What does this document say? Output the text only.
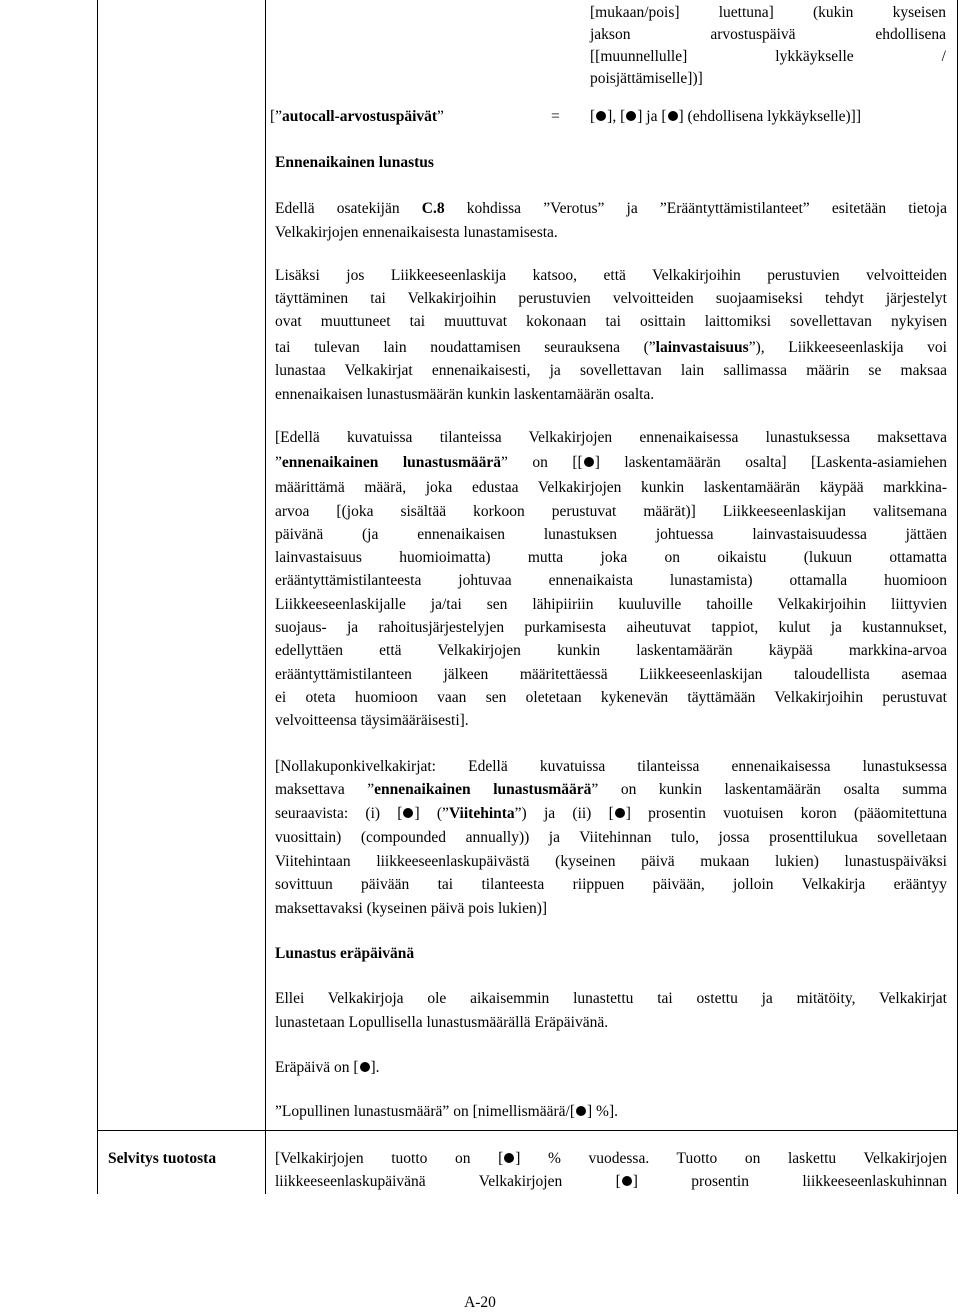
[mukaan/pois] luettuna] (kukin kyseisen
jakson arvostuspäivä ehdollisena
[[muunnellulle] lykkäykselle /
poisjättämiselle])]
[”autocall-arvostuspäivät”	= [ ], [ ] ja [ ] (ehdollisena lykkäykselle)]]
Ennenaikainen lunastus
Edellä osatekijän C.8 kohdissa ”Verotus” ja ”Erääntyttämistilanteet” esitetään tietoja
Velkakirjojen ennenaikaisesta lunastamisesta.
Lisäksi jos Liikkeeseenlaskija katsoo, että Velkakirjoihin perustuvien velvoitteiden
täyttäminen tai Velkakirjoihin perustuvien velvoitteiden suojaamiseksi tehdyt järjestelyt
ovat muuttuneet tai muuttuvat kokonaan tai osittain laittomiksi sovellettavan nykyisen
tai tulevan lain noudattamisen seurauksena (”lainvastaisuus”), Liikkeeseenlaskija voi
lunastaa Velkakirjat ennenaikaisesti, ja sovellettavan lain sallimassa määrin se maksaa
ennenaikaisen lunastusmäärän kunkin laskentamäärän osalta.
[Edellä kuvatuissa tilanteissa Velkakirjojen ennenaikaisessa lunastuksessa maksettava
”ennenaikainen lunastusmäärä” on [[ ] laskentamäärän osalta] [Laskenta-asiamiehen
määrittämä määrä, joka edustaa Velkakirjojen kunkin laskentamäärän käypää markkina-
arvoa [(joka sisältää korkoon perustuvat määrät)] Liikkeeseenlaskijan valitsemana
päivänä (ja ennenaikaisen lunastuksen johtuessa lainvastaisuudessa jättäen
lainvastaisuus huomioimatta) mutta joka on oikaistu (lukuun ottamatta
erääntyttämistilanteesta johtuvaa ennenaikaista lunastamista) ottamalla huomioon
Liikkeeseenlaskijalle ja/tai sen lähipiiriin kuuluville tahoille Velkakirjoihin liittyvien
suojaus- ja rahoitusjärjestelyjen purkamisesta aiheutuvat tappiot, kulut ja kustannukset,
edellyttäen että Velkakirjojen kunkin laskentamäärän käypää markkina-arvoa
erääntyttämistilanteen jälkeen määritettäessä Liikkeeseenlaskijan taloudellista asemaa
ei oteta huomioon vaan sen oletetaan kykenevän täyttämään Velkakirjoihin perustuvat
velvoitteensa täysimääräisesti].
[Nollakuponkivelkakirjat: Edellä kuvatuissa tilanteissa ennenaikaisessa lunastuksessa
maksettava ”ennenaikainen lunastusmäärä” on kunkin laskentamäärän osalta summa
seuraavista: (i) [ ] (”Viitehinta”) ja (ii) [ ] prosentin vuotuisen koron (pääomitettuna
vuosittain) (compounded annually)) ja Viitehinnan tulo, jossa prosenttilukua sovelletaan
Viitehintaan liikkeeseenlaskupäivästä (kyseinen päivä mukaan lukien) lunastuspäiväksi
sovittuun päivään tai tilanteesta riippuen päivään, jolloin Velkakirja erääntyy
maksettavaksi (kyseinen päivä pois lukien)]
Lunastus eräpäivänä
Ellei Velkakirjoja ole aikaisemmin lunastettu tai ostettu ja mitätöity, Velkakirjat
lunastetaan Lopullisella lunastusmäärällä Eräpäivänä.
Eräpäivä on [ ].
”Lopullinen lunastusmäärä” on [nimellismäärä/[ ] %].
Selvitys tuotosta	[Velkakirjojen tuotto on [ ] % vuodessa. Tuotto on laskettu Velkakirjojen
liikkeeseenlaskupäivänä Velkakirjojen [ ] prosentin liikkeeseenlaskuhinnan
A-20
